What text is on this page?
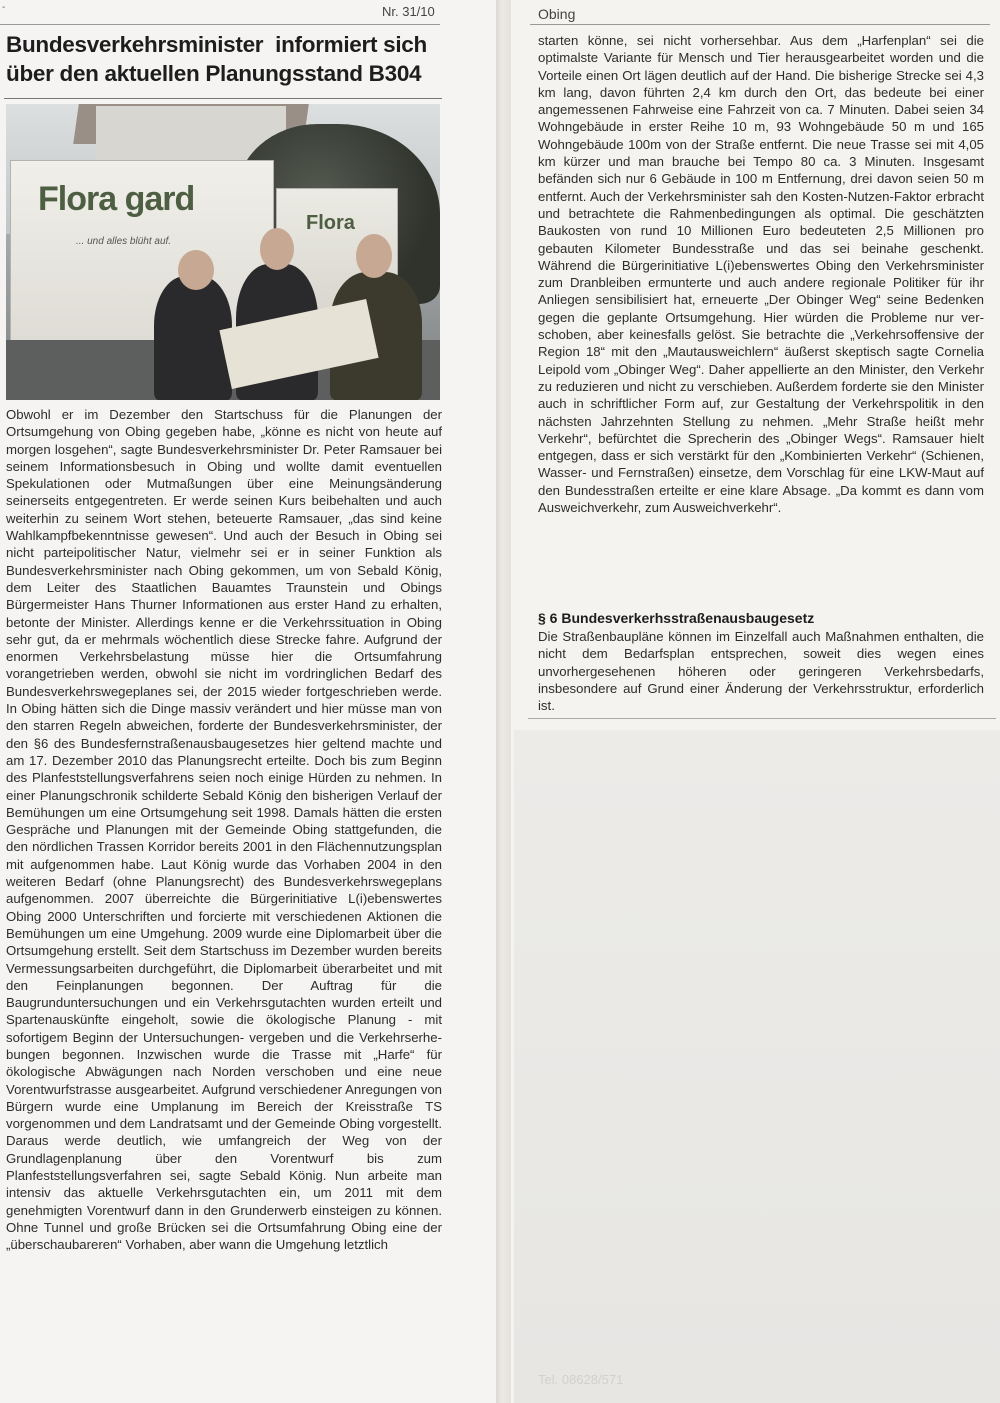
-	Nr. 31/10
Bundesverkehrsminister  informiert sich
über den aktuellen Planungsstand B304
Flora gard
Flora
... und alles blüht auf.
Obwohl er im Dezember den Startschuss für die Planungen der Ortsumgehung von Obing gegeben habe, „könne es nicht von heute auf morgen losgehen“, sagte Bundesverkehrsminister Dr. Peter Ramsauer bei seinem Informationsbesuch in Obing und wollte damit eventuellen Spekulationen oder Mutmaßungen über eine Meinungsänderung seinerseits entgegentreten. Er werde seinen Kurs beibehalten und auch weiterhin zu seinem Wort stehen, beteuerte Ramsauer, „das sind keine Wahlkampfbekenntnisse gewesen“. Und auch der Besuch in Obing sei nicht parteipolitischer Natur, vielmehr sei er in seiner Funktion als Bundesverkehrsminister nach Obing gekommen, um von Sebald König, dem Leiter des Staatlichen Bauamtes Traunstein und Obings Bürgermeister Hans Thurner Informationen aus erster Hand zu erhalten, betonte der Minister. Allerdings kenne er die Verkehrssituation in Obing sehr gut, da er mehrmals wöchentlich diese Strecke fahre. Aufgrund der enormen Verkehrsbelastung müsse hier die Ortsumfahrung vorangetrieben werden, obwohl sie nicht im vordringlichen Bedarf des Bundesverkehrswegeplanes sei, der 2015 wieder fortgeschrieben werde. In Obing hätten sich die Dinge massiv verändert und hier müsse man von den starren Regeln abweichen, forderte der Bundesverkehrsminister, der den §6 des Bundesfernstraßenausbaugesetzes hier geltend machte und am 17. Dezember 2010 das Planungsrecht erteilte. Doch bis zum Beginn des Planfeststellungsverfahrens seien noch einige Hürden zu nehmen. In einer Planungschronik schilderte Sebald König den bisherigen Verlauf der Bemühungen um eine Ortsumgehung seit 1998. Damals hätten die ersten Gespräche und Planungen mit der Gemeinde Obing stattgefunden, die den nördlichen Trassen Korridor bereits 2001 in den Flächennutzungsplan mit aufgenommen habe. Laut König wurde das Vorhaben 2004 in den weiteren Bedarf (ohne Planungsrecht) des Bundesverkehrswegeplans aufgenommen. 2007 überreichte die Bürgerinitiative L(i)ebenswertes Obing 2000 Unterschriften und forcierte mit verschiedenen Aktionen die Bemühungen um eine Umgehung. 2009 wurde eine Diplomarbeit über die Ortsumgehung erstellt. Seit dem Startschuss im Dezember wurden bereits Vermessungsarbeiten durchgeführt, die Diplomarbeit überarbeitet und mit den Feinplanungen begonnen. Der Auftrag für die Baugrunduntersuchungen und ein Verkehrsgutachten wurden erteilt und Spartenauskünfte eingeholt, sowie die ökologische Planung - mit sofortigem Beginn der Untersuchungen- vergeben und die Verkehrserhebungen begonnen. Inzwischen wurde die Trasse mit „Harfe“ für ökologische Abwägungen nach Norden verschoben und eine neue Vorentwurfstrasse ausgearbeitet. Aufgrund verschiedener Anregungen von Bürgern wurde eine Umplanung im Bereich der Kreisstraße TS vorgenommen und dem Landratsamt und der Gemeinde Obing vorgestellt. Daraus werde deutlich, wie umfangreich der Weg von der Grundlagenplanung über den Vorentwurf bis zum Planfeststellungsverfahren sei, sagte Sebald König. Nun arbeite man intensiv das aktuelle Verkehrsgutachten ein, um 2011 mit dem genehmigten Vorentwurf dann in den Grunderwerb einsteigen zu können. Ohne Tunnel und große Brücken sei die Ortsumfahrung Obing eine der „überschaubareren“ Vorhaben, aber wann die Umgehung letztlich
Obing
starten könne, sei nicht vorhersehbar. Aus dem „Harfenplan“ sei die optimalste Variante für Mensch und Tier herausgearbeitet worden und die Vorteile einen Ort lägen deutlich auf der Hand. Die bisherige Strecke sei 4,3 km lang, davon führten 2,4 km durch den Ort, das bedeute bei einer angemessenen Fahrweise eine Fahrzeit von ca. 7 Minuten. Dabei seien 34 Wohngebäude in erster Reihe 10 m, 93 Wohngebäude 50 m und 165 Wohngebäude 100m von der Straße entfernt. Die neue Trasse sei mit 4,05 km kürzer und man brauche bei Tempo 80 ca. 3 Minuten. Insgesamt befänden sich nur 6 Gebäude in 100 m Entfernung, drei davon seien 50 m entfernt. Auch der Verkehrsminister sah den Kosten-Nutzen-Faktor erbracht und betrachtete die Rahmenbedingungen als optimal. Die geschätzten Baukosten von rund 10 Millionen Euro bedeuteten 2,5 Millionen pro gebauten Kilometer Bundesstraße und das sei beinahe geschenkt. Während die Bürgerinitiative L(i)ebenswertes Obing den Verkehrsminister zum Dranbleiben ermunterte und auch andere regionale Politiker für ihr Anliegen sensibilisiert hat, erneuerte „Der Obinger Weg“ seine Bedenken gegen die geplante Ortsumgehung. Hier würden die Probleme nur verschoben, aber keinesfalls gelöst. Sie betrachte die „Verkehrsoffensive der Region 18“ mit den „Mautausweichlern“ äußerst skeptisch sagte Cornelia Leipold vom „Obinger Weg“. Daher appellierte an den Minister, den Verkehr zu reduzieren und nicht zu verschieben. Außerdem forderte sie den Minister auch in schriftlicher Form auf, zur Gestaltung der Verkehrspolitik in den nächsten Jahrzehnten Stellung zu nehmen. „Mehr Straße heißt mehr Verkehr“, befürchtet die Sprecherin des „Obinger Wegs“. Ramsauer hielt entgegen, dass er sich verstärkt für den „Kombinierten Verkehr“ (Schienen, Wasser- und Fernstraßen) einsetze, dem Vorschlag für eine LKW-Maut auf den Bundesstraßen erteilte er eine klare Absage. „Da kommt es dann vom Ausweichverkehr, zum Ausweichverkehr“.
§ 6 Bundesverkerhsstraßenausbaugesetz
Die Straßenbaupläne können im Einzelfall auch Maßnahmen enthalten, die nicht dem Bedarfsplan entsprechen, soweit dies wegen eines unvorhergesehenen höheren oder geringeren Verkehrsbedarfs, insbesondere auf Grund einer Änderung der Verkehrsstruktur, erforderlich ist.
Tel. 08628/571
